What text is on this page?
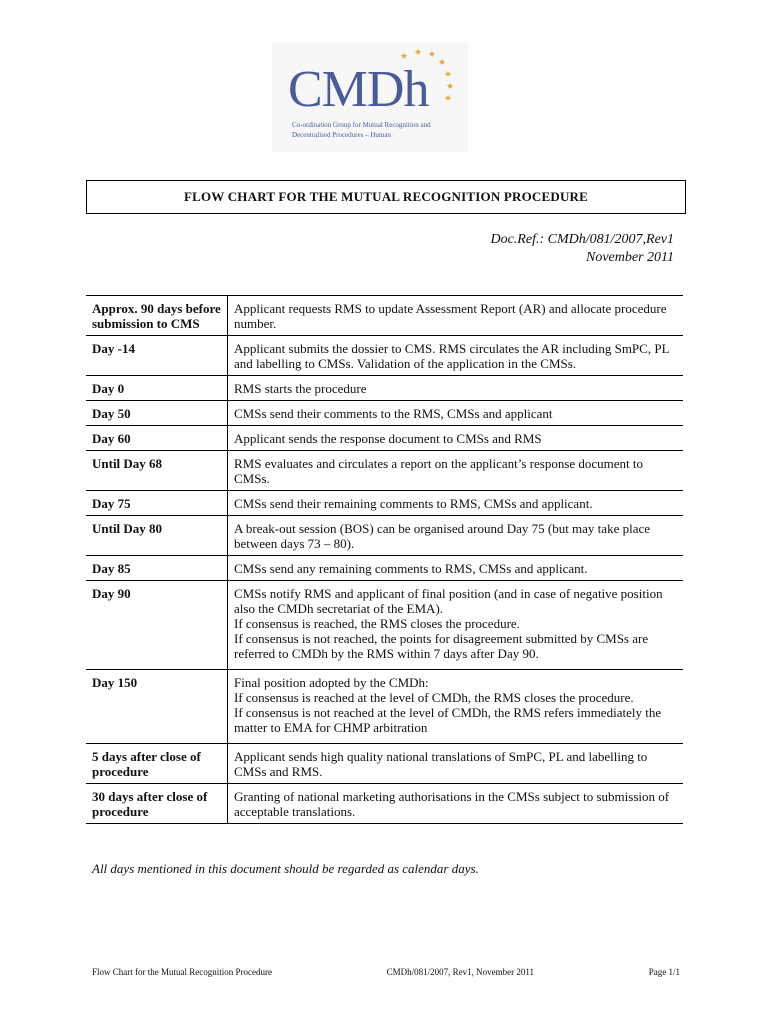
CMDh
Co-ordination Group for Mutual Recognition and Decentralised Procedures – Human
FLOW CHART FOR THE MUTUAL RECOGNITION PROCEDURE
Doc.Ref.: CMDh/081/2007,Rev1
November 2011
Approx. 90 days before submission to CMS	Applicant requests RMS to update Assessment Report (AR) and allocate procedure number.
Day -14	Applicant submits the dossier to CMS. RMS circulates the AR including SmPC, PL and labelling to CMSs. Validation of the application in the CMSs.
Day 0	RMS starts the procedure
Day 50	CMSs send their comments to the RMS, CMSs and applicant
Day 60	Applicant sends the response document to CMSs and RMS
Until Day 68	RMS evaluates and circulates a report on the applicant’s response document to CMSs.
Day 75	CMSs send their remaining comments to RMS, CMSs and applicant.
Until Day 80	A break-out session (BOS) can be organised around Day 75 (but may take place between days 73 – 80).
Day 85	CMSs send any remaining comments to RMS, CMSs and applicant.
Day 90	CMSs notify RMS and applicant of final position (and in case of negative position also the CMDh secretariat of the EMA).
If consensus is reached, the RMS closes the procedure.
If consensus is not reached, the points for disagreement submitted by CMSs are referred to CMDh by the RMS within 7 days after Day 90.
Day 150	Final position adopted by the CMDh:
If consensus is reached at the level of CMDh, the RMS closes the procedure.
If consensus is not reached at the level of CMDh, the RMS refers immediately the matter to EMA for CHMP arbitration
5 days after close of procedure	Applicant sends high quality national translations of SmPC, PL and labelling to CMSs and RMS.
30 days after close of procedure	Granting of national marketing authorisations in the CMSs subject to submission of acceptable translations.
All days mentioned in this document should be regarded as calendar days.
Flow Chart for the Mutual Recognition Procedure	CMDh/081/2007, Rev1, November 2011	Page 1/1
